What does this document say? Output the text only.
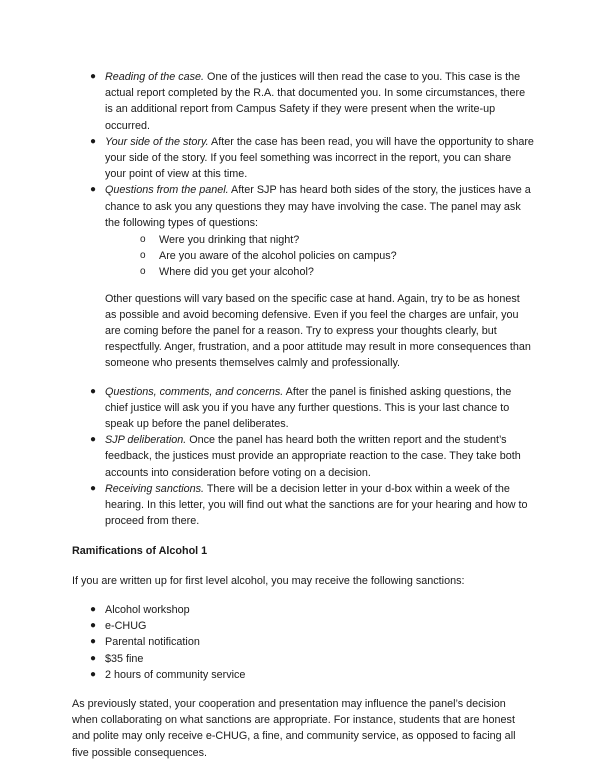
● Reading of the case. One of the justices will then read the case to you. This case is the actual report completed by the R.A. that documented you. In some circumstances, there is an additional report from Campus Safety if they were present when the write-up occurred.
● Your side of the story. After the case has been read, you will have the opportunity to share your side of the story. If you feel something was incorrect in the report, you can share your point of view at this time.
● Questions from the panel. After SJP has heard both sides of the story, the justices have a chance to ask you any questions they may have involving the case. The panel may ask the following types of questions:
o Were you drinking that night?
o Are you aware of the alcohol policies on campus?
o Where did you get your alcohol?

Other questions will vary based on the specific case at hand. Again, try to be as honest as possible and avoid becoming defensive. Even if you feel the charges are unfair, you are coming before the panel for a reason. Try to express your thoughts clearly, but respectfully. Anger, frustration, and a poor attitude may result in more consequences than someone who presents themselves calmly and professionally.

● Questions, comments, and concerns. After the panel is finished asking questions, the chief justice will ask you if you have any further questions. This is your last chance to speak up before the panel deliberates.
● SJP deliberation. Once the panel has heard both the written report and the student’s feedback, the justices must provide an appropriate reaction to the case. They take both accounts into consideration before voting on a decision.
● Receiving sanctions. There will be a decision letter in your d-box within a week of the hearing. In this letter, you will find out what the sanctions are for your hearing and how to proceed from there.

Ramifications of Alcohol 1

If you are written up for first level alcohol, you may receive the following sanctions:

● Alcohol workshop
● e-CHUG
● Parental notification
● $35 fine
● 2 hours of community service

As previously stated, your cooperation and presentation may influence the panel’s decision when collaborating on what sanctions are appropriate. For instance, students that are honest and polite may only receive e-CHUG, a fine, and community service, as opposed to facing all five possible consequences.
